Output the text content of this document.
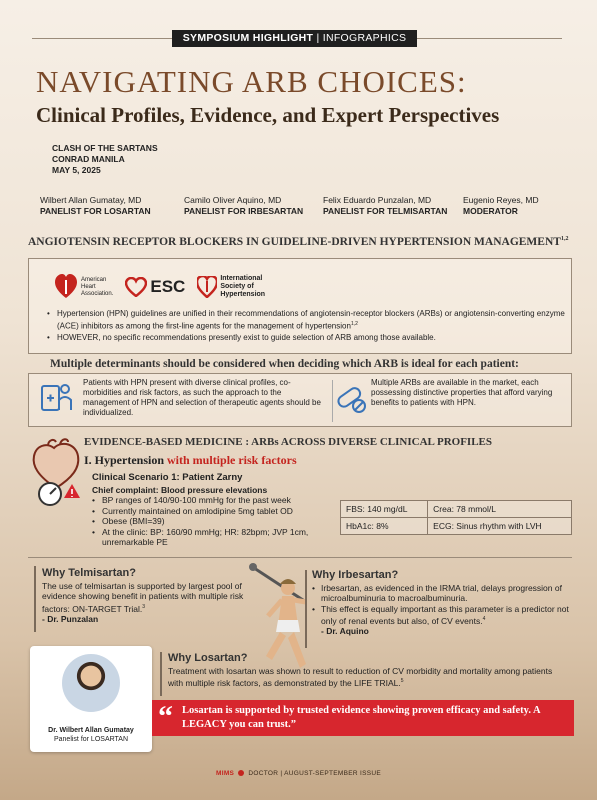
SYMPOSIUM HIGHLIGHT | INFOGRAPHICS
NAVIGATING ARB CHOICES:
Clinical Profiles, Evidence, and Expert Perspectives
CLASH OF THE SARTANS
CONRAD MANILA
MAY 5, 2025
Wilbert Allan Gumatay, MD
PANELIST FOR LOSARTAN
Camilo Oliver Aquino, MD
PANELIST FOR IRBESARTAN
Felix Eduardo Punzalan, MD
PANELIST FOR TELMISARTAN
Eugenio Reyes, MD
MODERATOR
ANGIOTENSIN RECEPTOR BLOCKERS IN GUIDELINE-DRIVEN HYPERTENSION MANAGEMENT$^{1,2}$
American
Heart
Association. ESC	International
Society of
Hypertension
• Hypertension (HPN) guidelines are unified in their recommendations of angiotensin-receptor blockers (ARBs) or angiotensin-converting enzyme (ACE) inhibitors as among the first-line agents for the management of hypertension$^{1,2}$
• HOWEVER, no specific recommendations presently exist to guide selection of ARB among those available.
Multiple determinants should be considered when deciding which ARB is ideal for each patient:
Patients with HPN present with diverse clinical profiles, co-morbidities and risk factors, as such the approach to the management of HPN and selection of therapeutic agents should be individualized.
Multiple ARBs are available in the market, each possessing distinctive properties that afford varying benefits to patients with HPN.
EVIDENCE-BASED MEDICINE : ARBs ACROSS DIVERSE CLINICAL PROFILES
I. Hypertension with multiple risk factors
Clinical Scenario 1: Patient Zarny
Chief complaint: Blood pressure elevations
• BP ranges of 140/90-100 mmHg for the past week
• Currently maintained on amlodipine 5mg tablet OD
• Obese (BMI=39)
• At the clinic: BP: 160/90 mmHg; HR: 82bpm; JVP 1cm, unremarkable PE
FBS: 140 mg/dL	Crea: 78 mmol/L
HbA1c: 8%	ECG: Sinus rhythm with LVH
Why Telmisartan?
The use of telmisartan is supported by largest pool of evidence showing benefit in patients with multiple risk factors: ON-TARGET Trial.$^3$
- Dr. Punzalan
Why Irbesartan?
• Irbesartan, as evidenced in the IRMA trial, delays progression of microalbuminuria to macroalbuminuria.
• This effect is equally important as this parameter is a predictor not only of renal events but also, of CV events.$^4$
- Dr. Aquino
Why Losartan?
Treatment with losartan was shown to result to reduction of CV morbidity and mortality among patients with multiple risk factors, as demonstrated by the LIFE TRIAL.$^5$
Dr. Wilbert Allan Gumatay
Panelist for LOSARTAN
“ Losartan is supported by trusted evidence showing proven efficacy and safety. A LEGACY you can trust.”
MIMS DOCTOR | AUGUST-SEPTEMBER ISSUE
